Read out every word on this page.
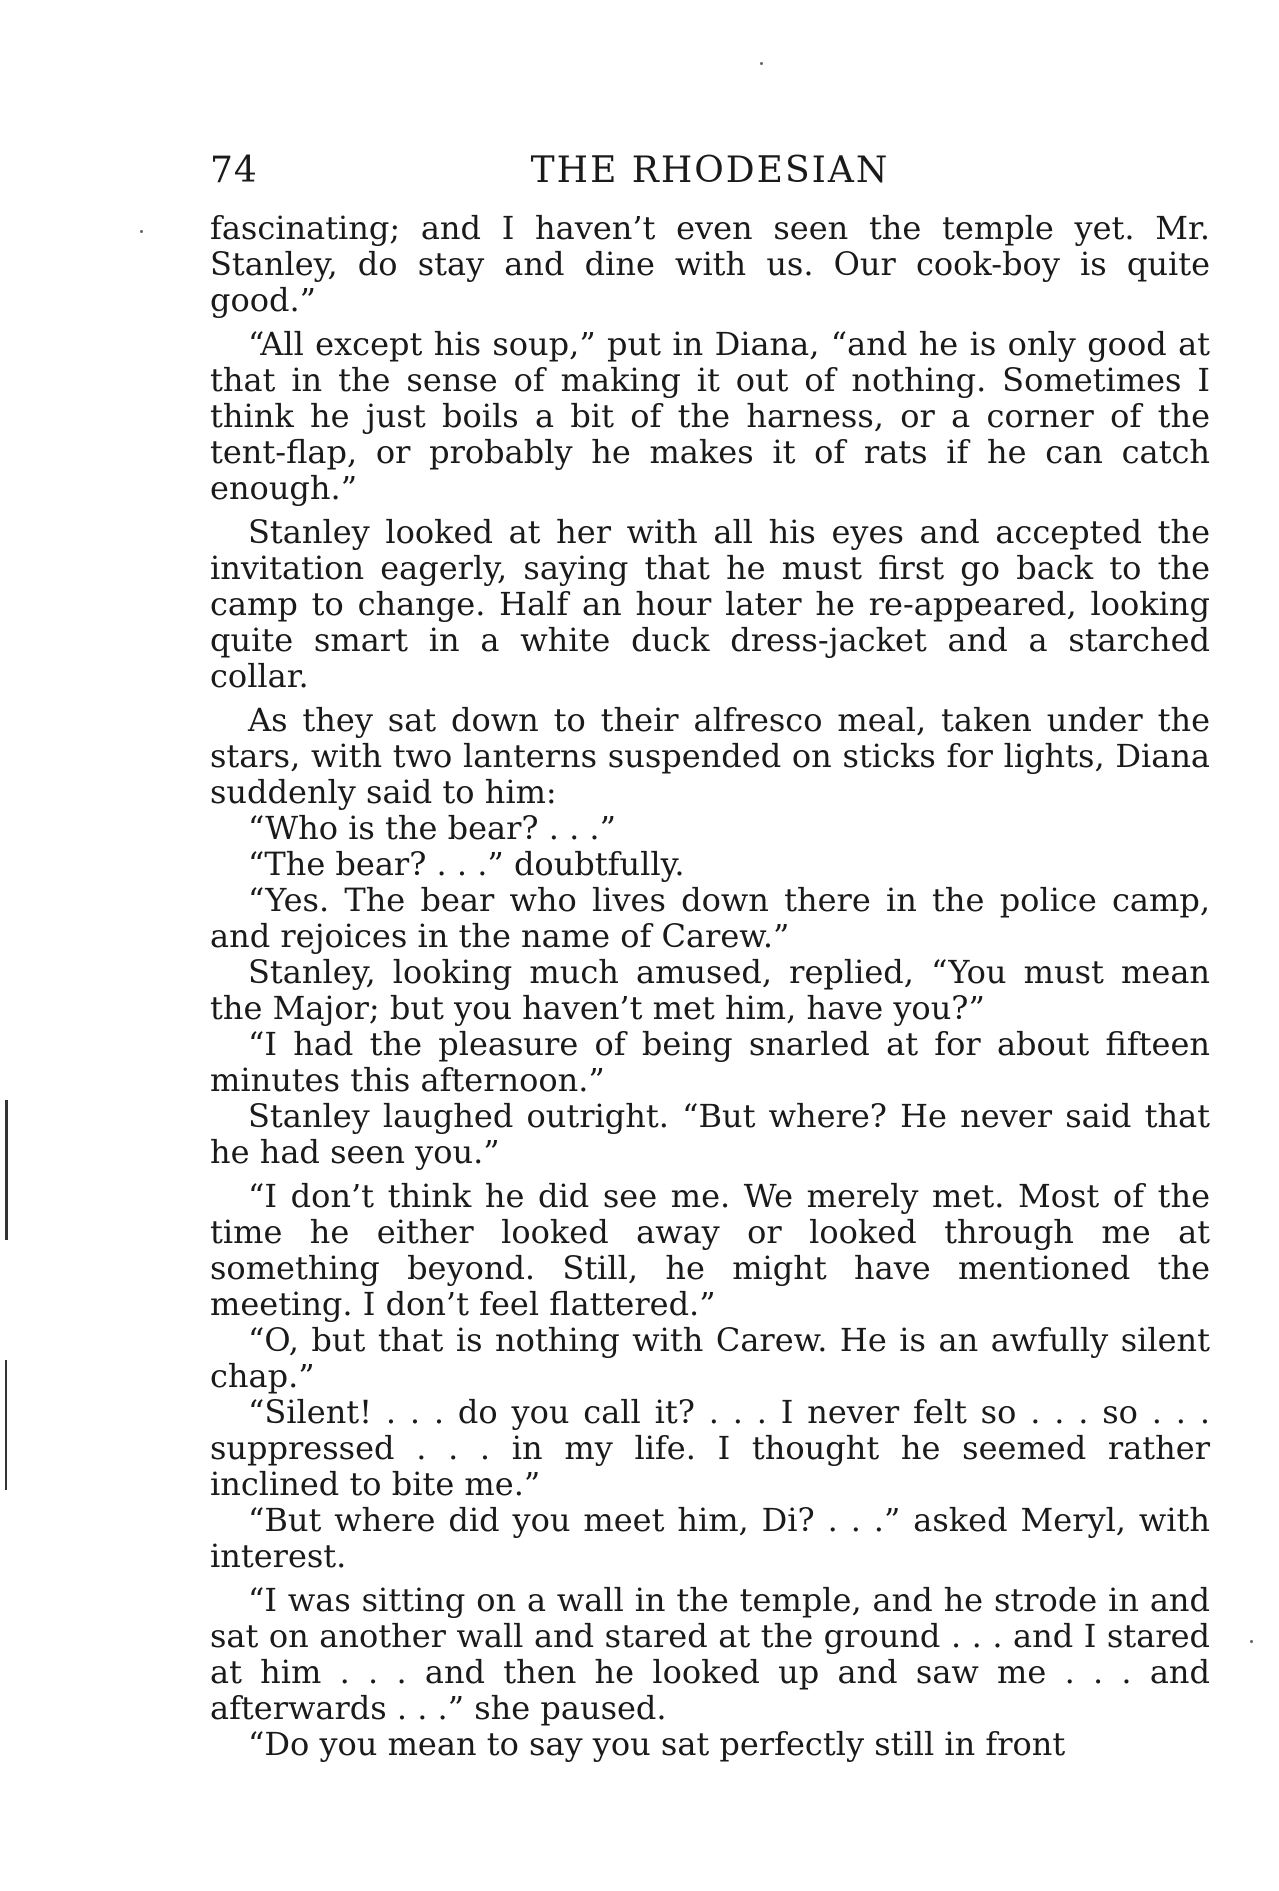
74	THE RHODESIAN

fascinating; and I haven’t even seen the temple yet. Mr. Stanley, do stay and dine with us. Our cook-boy is quite good.”

“All except his soup,” put in Diana, “and he is only good at that in the sense of making it out of nothing. Sometimes I think he just boils a bit of the harness, or a corner of the tent-flap, or probably he makes it of rats if he can catch enough.”

Stanley looked at her with all his eyes and accepted the invitation eagerly, saying that he must first go back to the camp to change. Half an hour later he re-appeared, looking quite smart in a white duck dress-jacket and a starched collar.

As they sat down to their alfresco meal, taken under the stars, with two lanterns suspended on sticks for lights, Diana suddenly said to him:

“Who is the bear? . . .”

“The bear? . . .” doubtfully.

“Yes. The bear who lives down there in the police camp, and rejoices in the name of Carew.”

Stanley, looking much amused, replied, “You must mean the Major; but you haven’t met him, have you?”

“I had the pleasure of being snarled at for about fifteen minutes this afternoon.”

Stanley laughed outright. “But where? He never said that he had seen you.”

“I don’t think he did see me. We merely met. Most of the time he either looked away or looked through me at something beyond. Still, he might have mentioned the meeting. I don’t feel flattered.”

“O, but that is nothing with Carew. He is an awfully silent chap.”

“Silent! . . . do you call it? . . . I never felt so . . . so . . . suppressed . . . in my life. I thought he seemed rather inclined to bite me.”

“But where did you meet him, Di? . . .” asked Meryl, with interest.

“I was sitting on a wall in the temple, and he strode in and sat on another wall and stared at the ground . . . and I stared at him . . . and then he looked up and saw me . . . and afterwards . . .” she paused.

“Do you mean to say you sat perfectly still in front
